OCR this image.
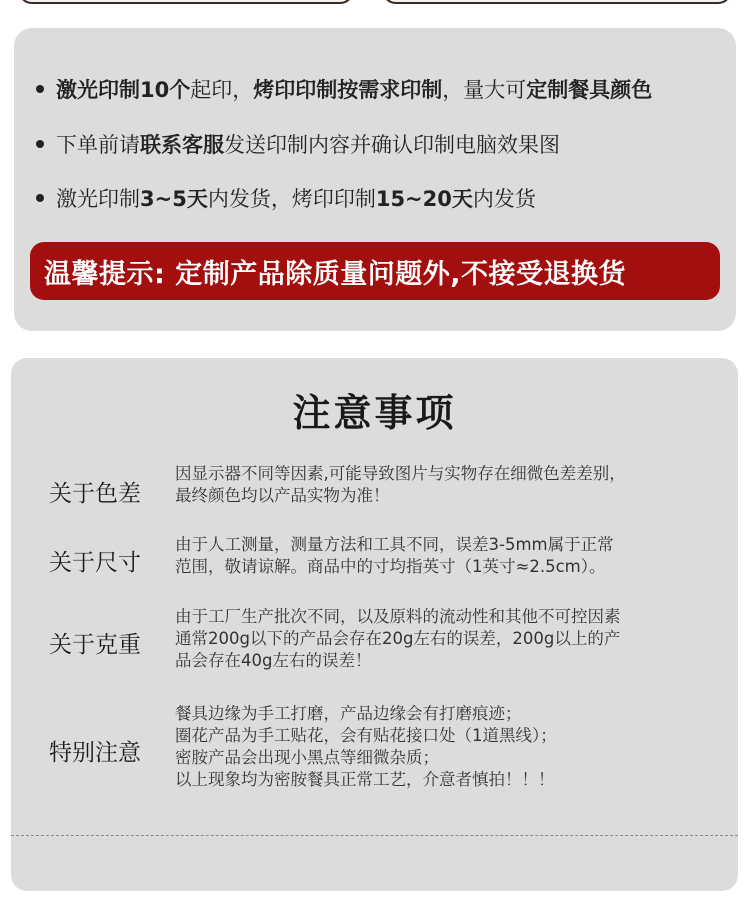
激光印制10个起印，烤印印制按需求印制，量大可定制餐具颜色
下单前请联系客服发送印制内容并确认印制电脑效果图
激光印制3~5天内发货，烤印印制15~20天内发货
温馨提示: 定制产品除质量问题外,不接受退换货
注意事项
关于色差
因显示器不同等因素,可能导致图片与实物存在细微色差差别，
最终颜色均以产品实物为准！
关于尺寸
由于人工测量，测量方法和工具不同，误差3-5mm属于正常
范围，敬请谅解。商品中的寸均指英寸（1英寸≈2.5cm）。
关于克重
由于工厂生产批次不同，以及原料的流动性和其他不可控因素
通常200g以下的产品会存在20g左右的误差，200g以上的产
品会存在40g左右的误差！
特别注意
餐具边缘为手工打磨，产品边缘会有打磨痕迹；
圈花产品为手工贴花，会有贴花接口处（1道黑线）；
密胺产品会出现小黑点等细微杂质；
以上现象均为密胺餐具正常工艺，介意者慎拍！！！
